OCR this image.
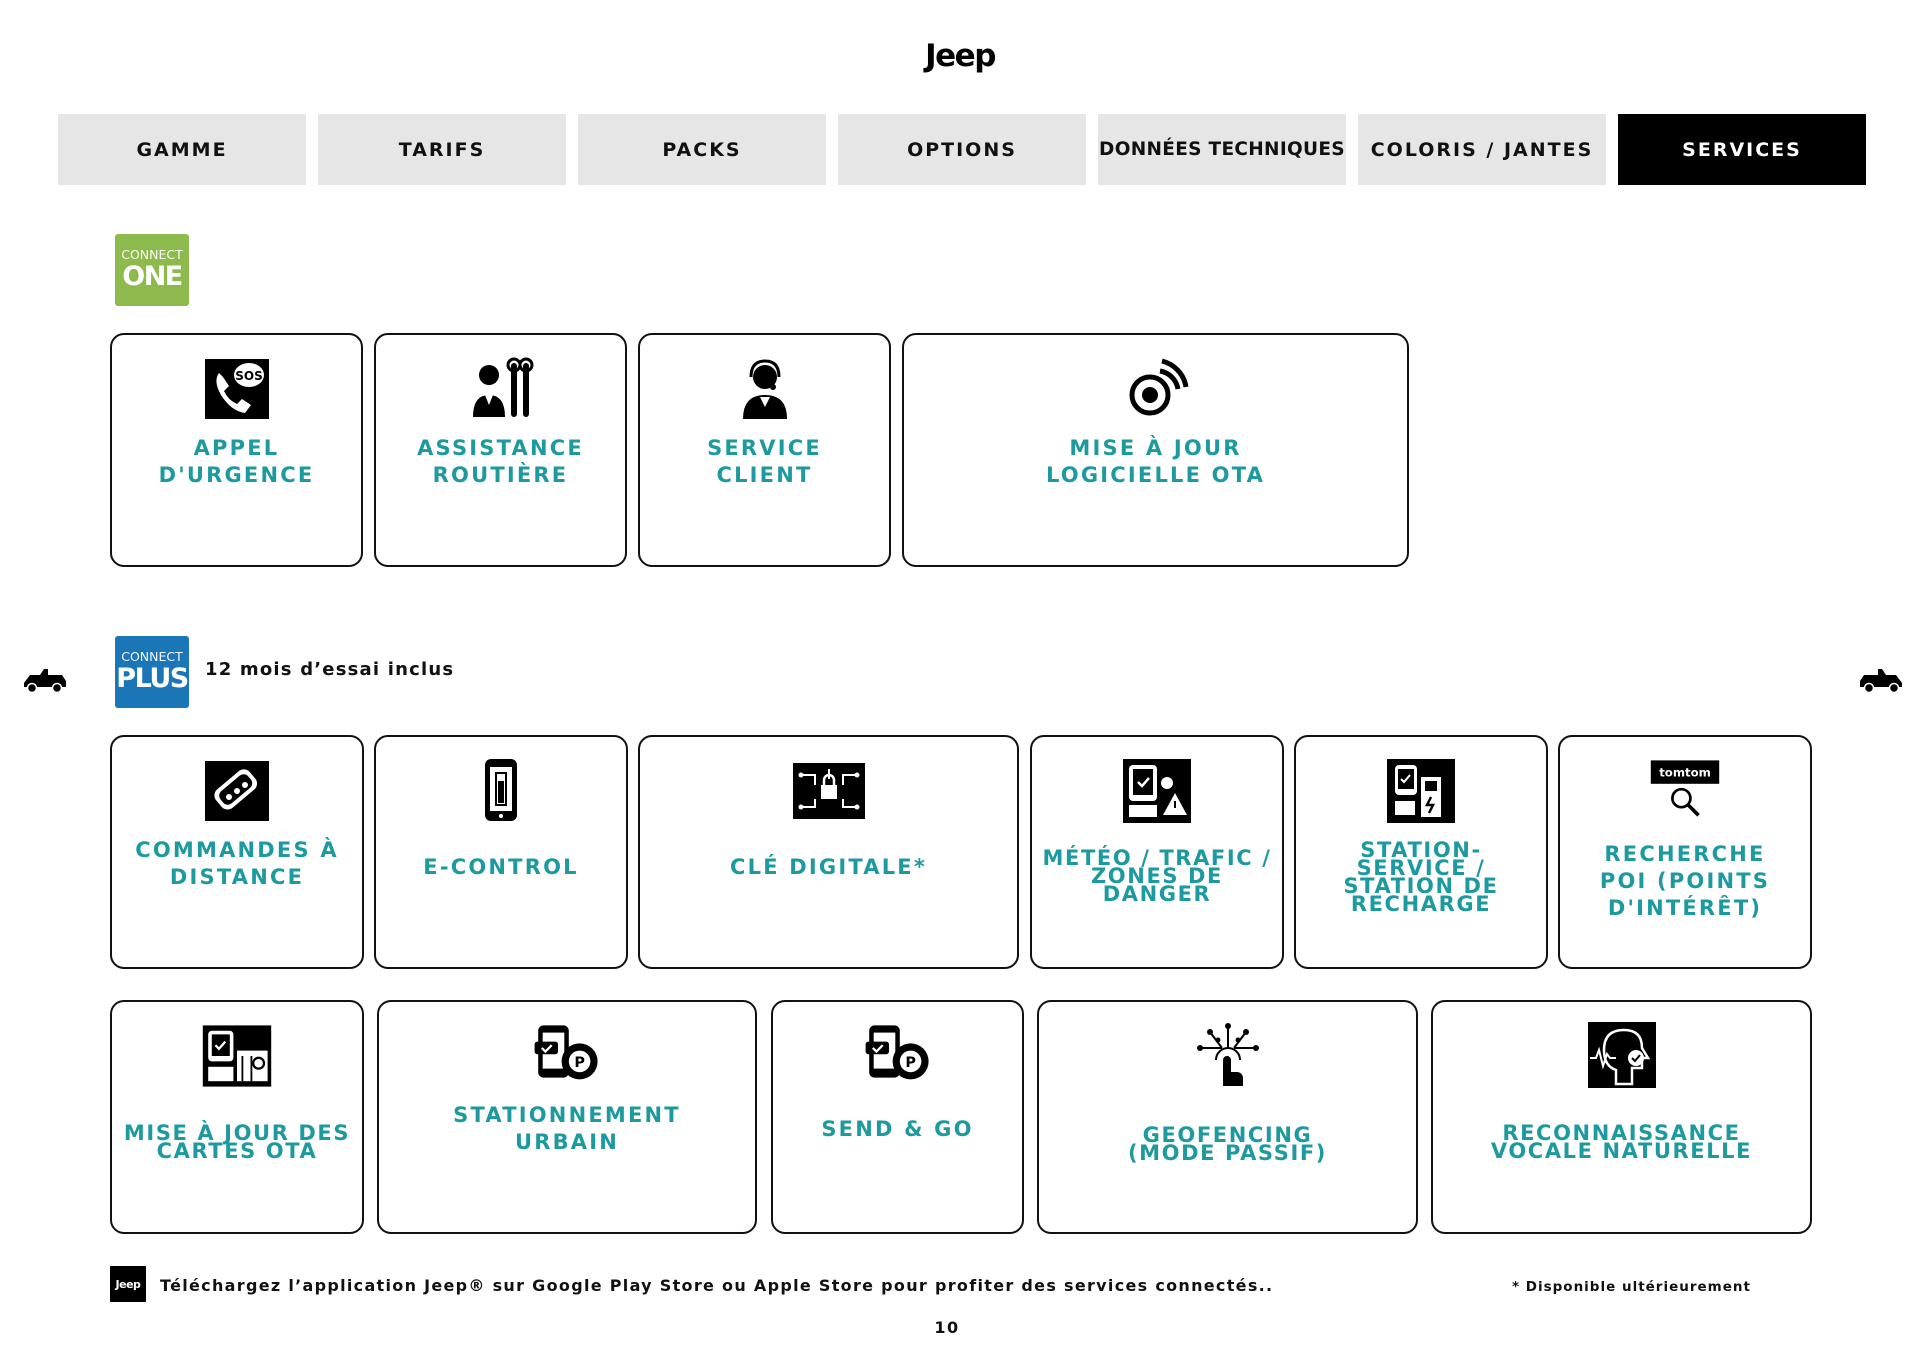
Jeep
GAMME	TARIFS	PACKS	OPTIONS	DONNÉES TECHNIQUES	COLORIS / JANTES	SERVICES
CONNECT
ONE
SOS
APPEL
D'URGENCE
ASSISTANCE
ROUTIÈRE
SERVICE
CLIENT
MISE À JOUR
LOGICIELLE OTA
CONNECT
PLUS 12 mois d’essai inclus
COMMANDES À
DISTANCE	E-CONTROL	CLÉ DIGITALE*	MÉTÉO / TRAFIC /
ZONES DE
DANGER
STATION-
SERVICE /
STATION DE
RECHARGE
tomtom
RECHERCHE
POI (POINTS
D'INTÉRÊT)
MISE À JOUR DES
CARTES OTA
P
STATIONNEMENT
URBAIN
P
SEND & GO	GEOFENCING
(MODE PASSIF)
RECONNAISSANCE
VOCALE NATURELLE
Jeep	Téléchargez l’application Jeep® sur Google Play Store ou Apple Store pour profiter des services connectés..	* Disponible ultérieurement
10
